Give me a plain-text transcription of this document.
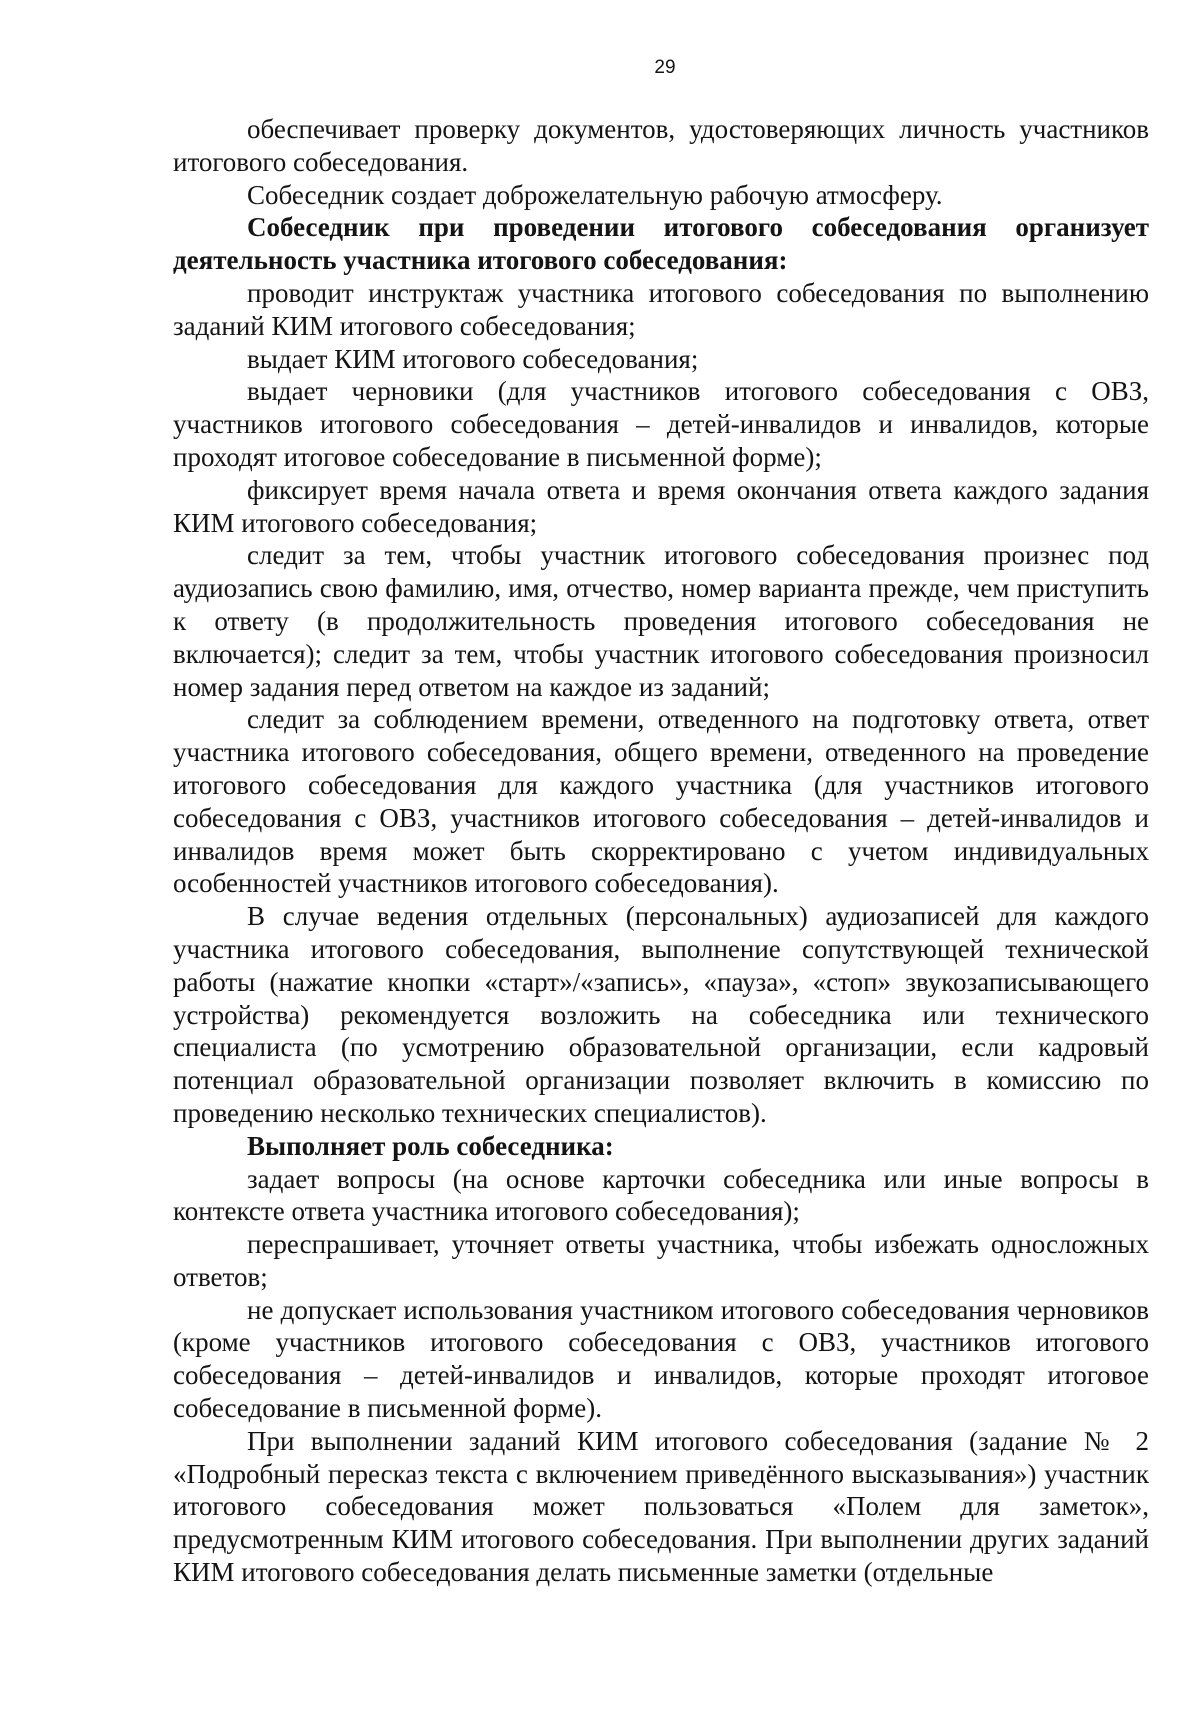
29

обеспечивает проверку документов, удостоверяющих личность участников итогового собеседования.

Собеседник создает доброжелательную рабочую атмосферу.

Собеседник при проведении итогового собеседования организует деятельность участника итогового собеседования:

проводит инструктаж участника итогового собеседования по выполнению заданий КИМ итогового собеседования;

выдает КИМ итогового собеседования;

выдает черновики (для участников итогового собеседования с ОВЗ, участников итогового собеседования – детей-инвалидов и инвалидов, которые проходят итоговое собеседование в письменной форме);

фиксирует время начала ответа и время окончания ответа каждого задания КИМ итогового собеседования;

следит за тем, чтобы участник итогового собеседования произнес под аудиозапись свою фамилию, имя, отчество, номер варианта прежде, чем приступить к ответу (в продолжительность проведения итогового собеседования не включается); следит за тем, чтобы участник итогового собеседования произносил номер задания перед ответом на каждое из заданий;

следит за соблюдением времени, отведенного на подготовку ответа, ответ участника итогового собеседования, общего времени, отведенного на проведение итогового собеседования для каждого участника (для участников итогового собеседования с ОВЗ, участников итогового собеседования – детей-инвалидов и инвалидов время может быть скорректировано с учетом индивидуальных особенностей участников итогового собеседования).

В случае ведения отдельных (персональных) аудиозаписей для каждого участника итогового собеседования, выполнение сопутствующей технической работы (нажатие кнопки «старт»/«запись», «пауза», «стоп» звукозаписывающего устройства) рекомендуется возложить на собеседника или технического специалиста (по усмотрению образовательной организации, если кадровый потенциал образовательной организации позволяет включить в комиссию по проведению несколько технических специалистов).

Выполняет роль собеседника:

задает вопросы (на основе карточки собеседника или иные вопросы в контексте ответа участника итогового собеседования);

переспрашивает, уточняет ответы участника, чтобы избежать односложных ответов;

не допускает использования участником итогового собеседования черновиков (кроме участников итогового собеседования с ОВЗ, участников итогового собеседования – детей-инвалидов и инвалидов, которые проходят итоговое собеседование в письменной форме).

При выполнении заданий КИМ итогового собеседования (задание № 2 «Подробный пересказ текста с включением приведённого высказывания») участник итогового собеседования может пользоваться «Полем для заметок», предусмотренным КИМ итогового собеседования. При выполнении других заданий КИМ итогового собеседования делать письменные заметки (отдельные
